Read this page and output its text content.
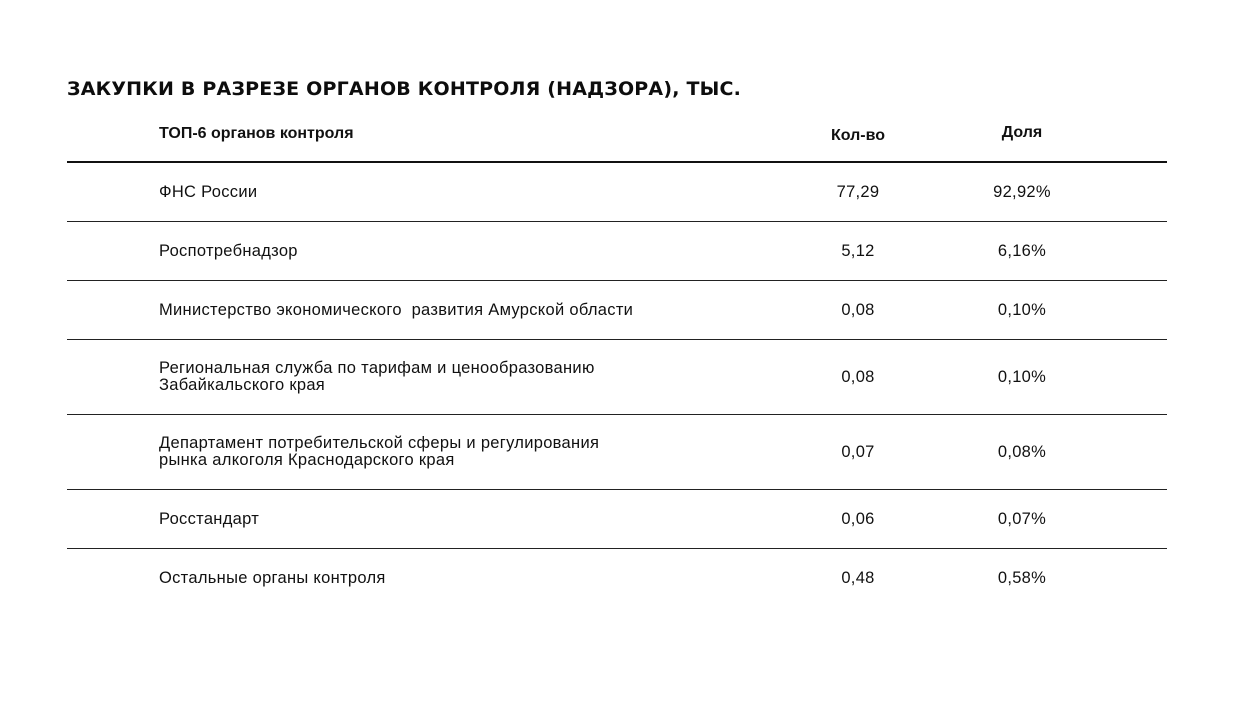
ЗАКУПКИ В РАЗРЕЗЕ ОРГАНОВ КОНТРОЛЯ (НАДЗОРА), ТЫС.
ТОП-6 органов контроля	Кол-во	Доля
ФНС России	77,29	92,92%
Роспотребнадзор	5,12	6,16%
Министерство экономического  развития Амурской области	0,08	0,10%
Региональная служба по тарифам и ценообразованию
Забайкальского края	0,08	0,10%
Департамент потребительской сферы и регулирования
рынка алкоголя Краснодарского края	0,07	0,08%
Росстандарт	0,06	0,07%
Остальные органы контроля	0,48	0,58%
